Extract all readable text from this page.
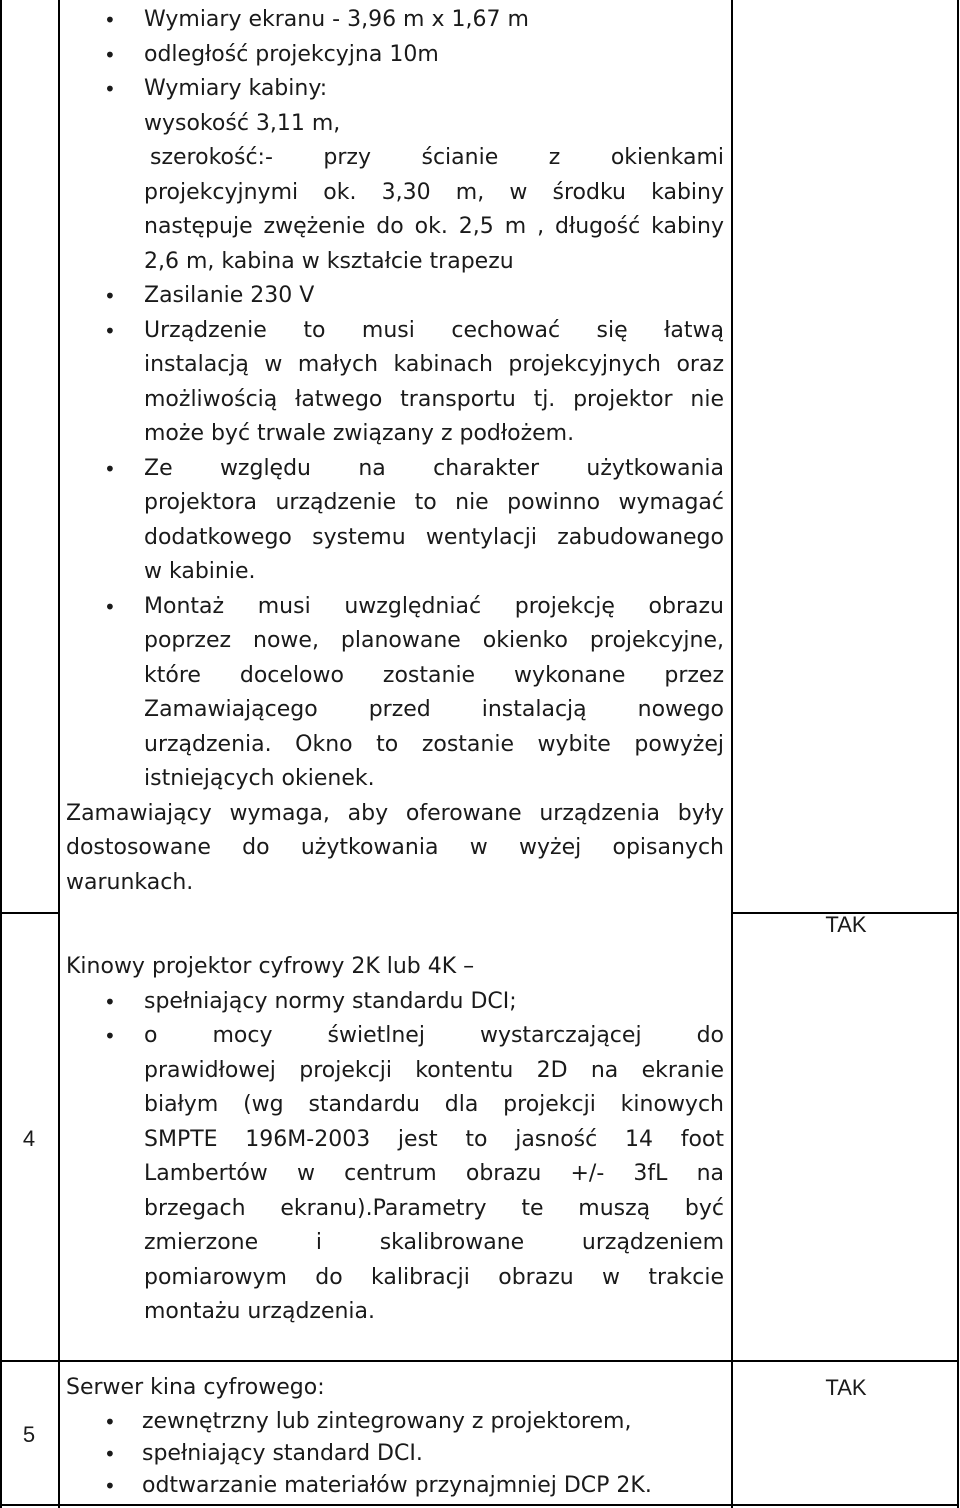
• Wymiary ekranu - 3,96 m x 1,67 m
• odległość projekcyjna 10m
• Wymiary kabiny:
wysokość 3,11 m,
szerokość:- przy ścianie z okienkami
projekcyjnymi ok. 3,30 m, w środku kabiny
następuje zwężenie do ok. 2,5 m , długość kabiny
2,6 m, kabina w kształcie trapezu
• Zasilanie 230 V
• Urządzenie to musi cechować się łatwą
instalacją w małych kabinach projekcyjnych oraz
możliwością łatwego transportu tj. projektor nie
może być trwale związany z podłożem.
• Ze względu na charakter użytkowania
projektora urządzenie to nie powinno wymagać
dodatkowego systemu wentylacji zabudowanego
w kabinie.
• Montaż musi uwzględniać projekcję obrazu
poprzez nowe, planowane okienko projekcyjne,
które docelowo zostanie wykonane przez
Zamawiającego przed instalacją nowego
urządzenia. Okno to zostanie wybite powyżej
istniejących okienek.
Zamawiający wymaga, aby oferowane urządzenia były
dostosowane do użytkowania w wyżej opisanych
warunkach.
4
Kinowy projektor cyfrowy 2K lub 4K –
• spełniający normy standardu DCI;
• o mocy świetlnej wystarczającej do
prawidłowej projekcji kontentu 2D na ekranie
białym (wg standardu dla projekcji kinowych
SMPTE 196M-2003 jest to jasność 14 foot
Lambertów w centrum obrazu +/- 3fL na
brzegach ekranu).Parametry te muszą być
zmierzone i skalibrowane urządzeniem
pomiarowym do kalibracji obrazu w trakcie
montażu urządzenia.
TAK
5
Serwer kina cyfrowego:
• zewnętrzny lub zintegrowany z projektorem,
• spełniający standard DCI.
• odtwarzanie materiałów przynajmniej DCP 2K.
TAK
